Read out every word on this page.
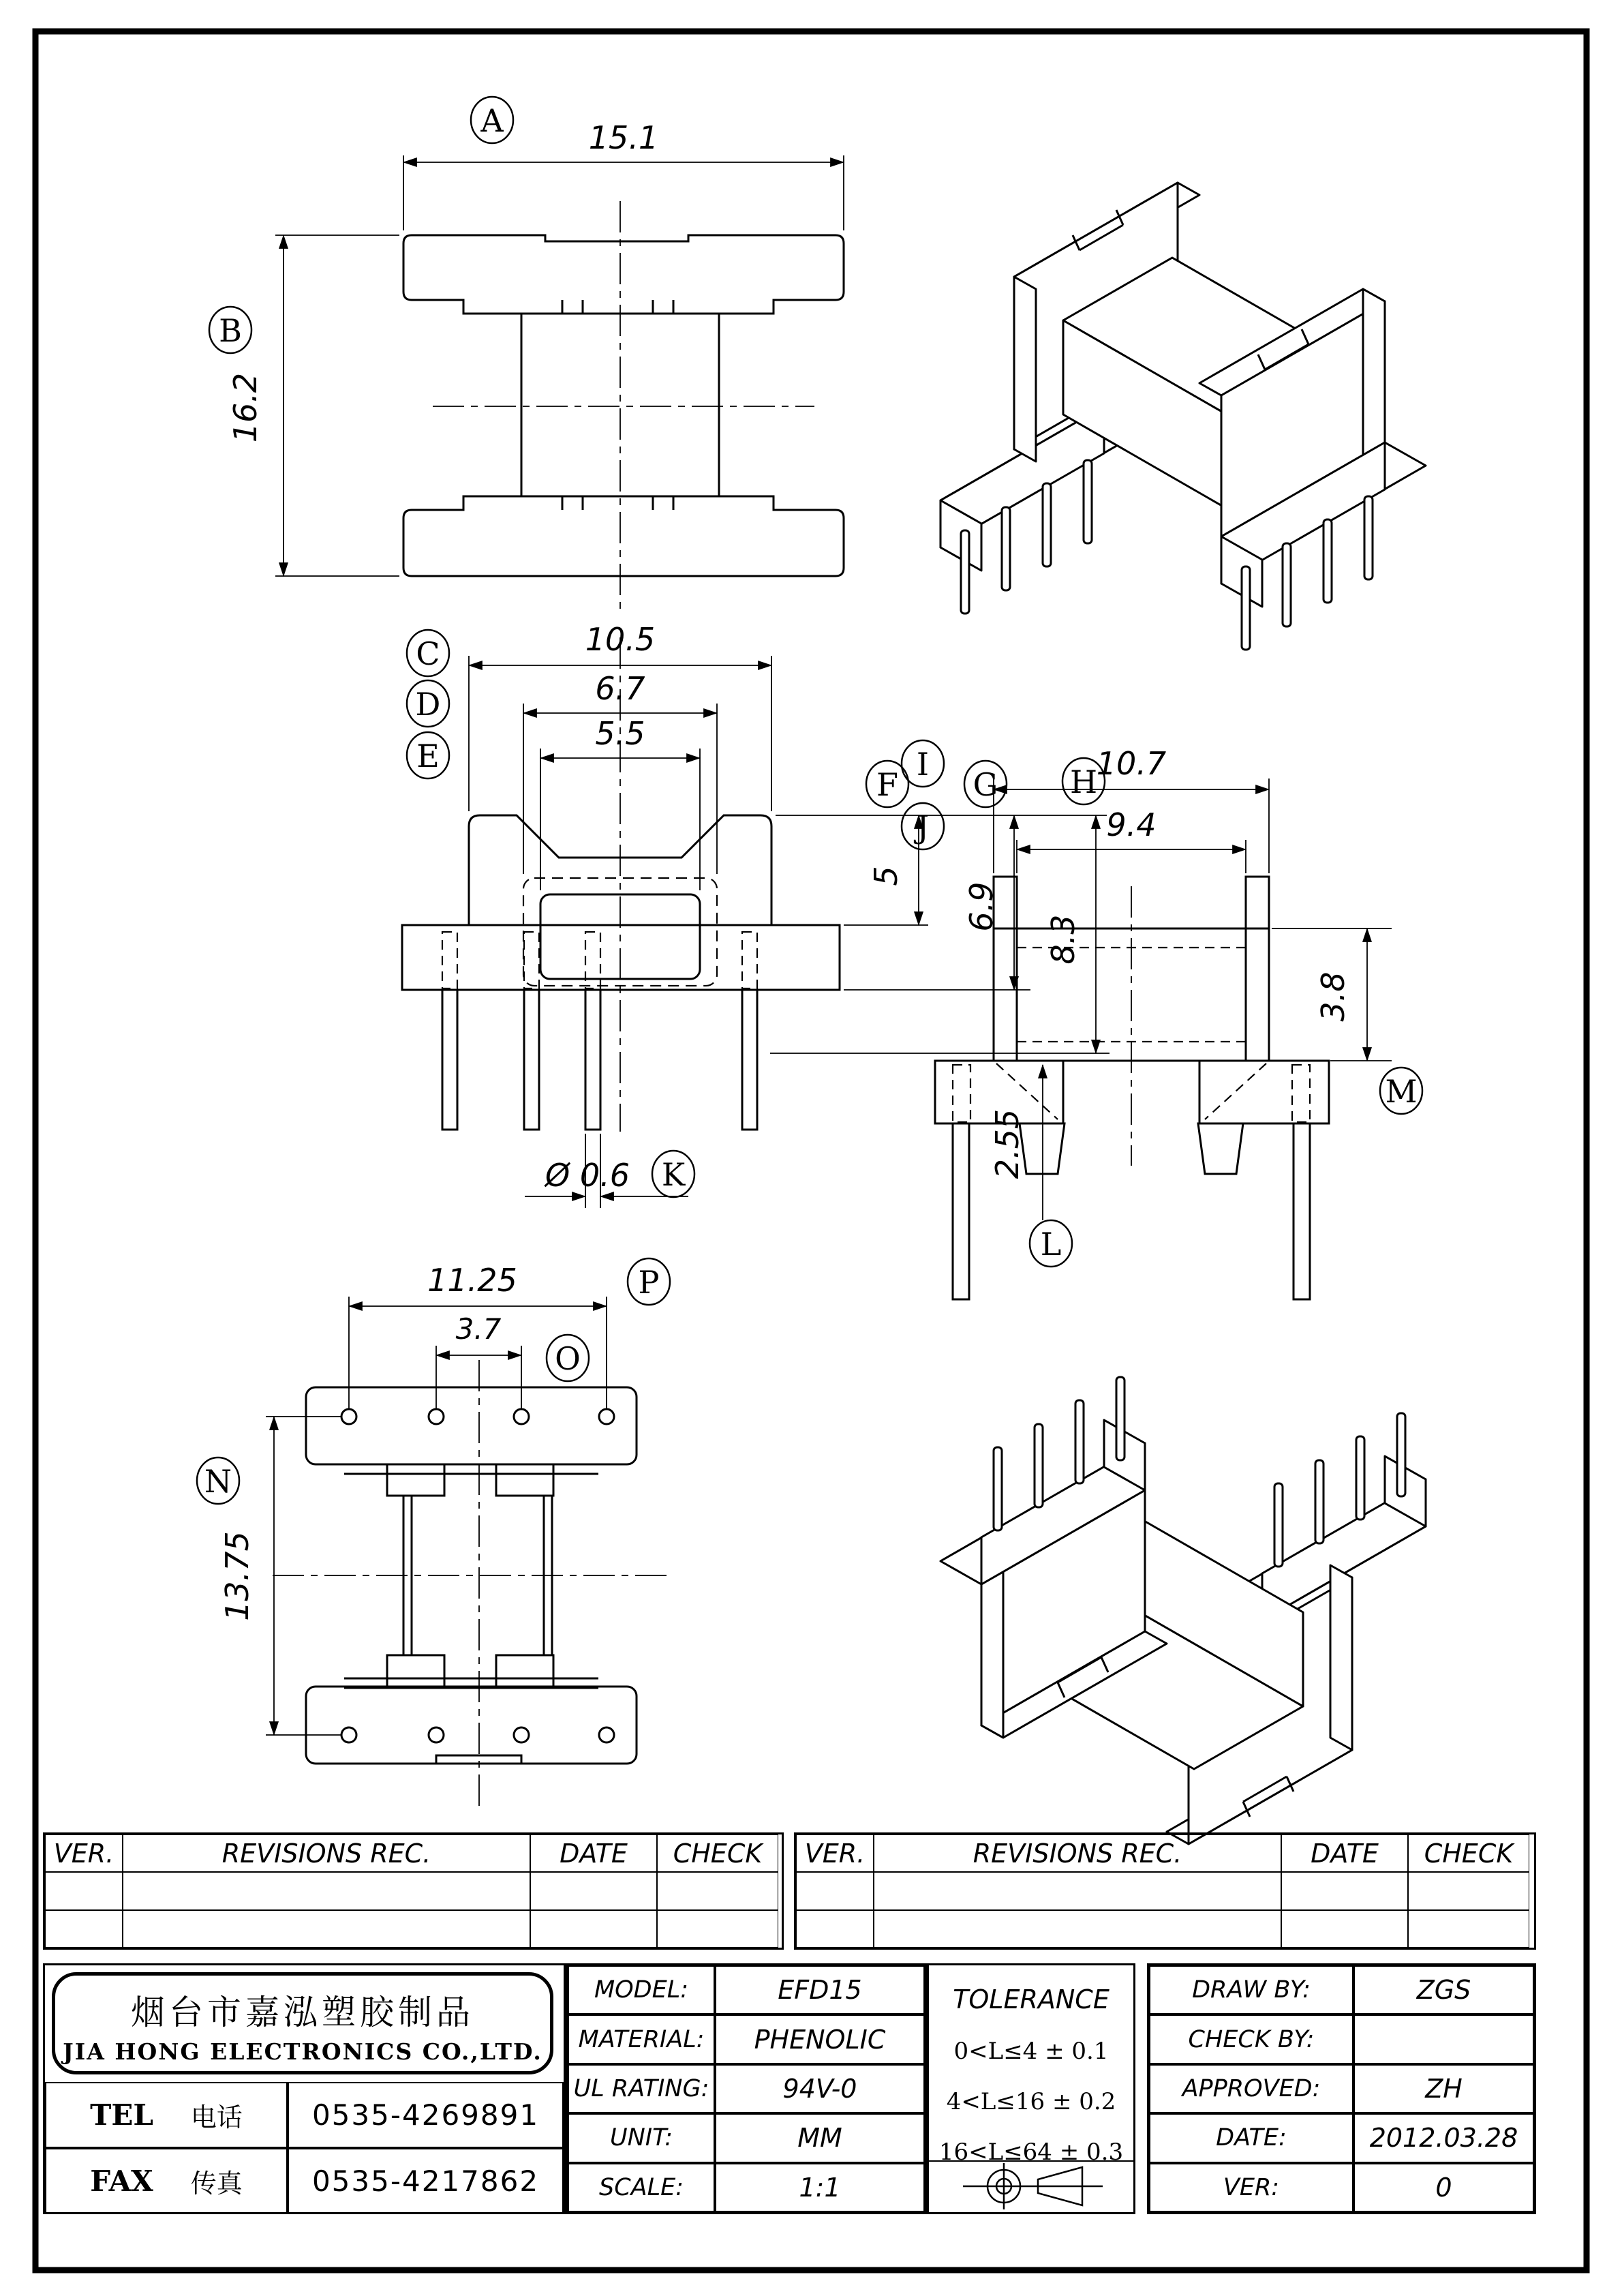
15.1
A
16.2
B
10.5
6.7
5.5
C
D
E
F G H
5
6.9
8.3
Ø 0.6 K
10.7
9.4
I
J
3.8
M
2.55
L
11.25
3.7
P
O
N
13.75
VER.	REVISIONS REC.	DATE	CHECK	VER.	REVISIONS REC.	DATE	CHECK
烟台市嘉泓塑胶制品
JIA HONG ELECTRONICS CO.,LTD.
TEL 电话	0535-4269891
FAX 传真	0535-4217862
MODEL:	EFD15
MATERIAL:	PHENOLIC
UL RATING:	94V-0
UNIT:	MM
SCALE:	1:1
TOLERANCE
0<L≤4 ± 0.1
4<L≤16 ± 0.2
16<L≤64 ± 0.3
DRAW BY:	ZGS
CHECK BY:
APPROVED:	ZH
DATE:	2012.03.28
VER:	0
